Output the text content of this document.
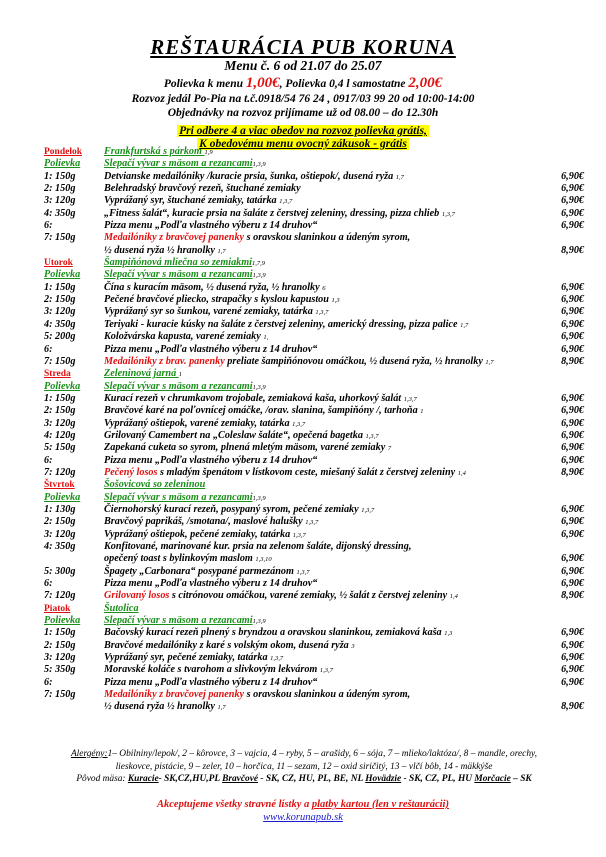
REŠTAURÁCIA PUB KORUNA
Menu č. 6 od 21.07 do 25.07
Polievka k menu 1,00€, Polievka 0,4 l samostatne 2,00€
Rozvoz jedál Po-Pia na t.č.0918/54 76 24 , 0917/03 99 20 od 10:00-14:00
Objednávky na rozvoz prijímame už od 08.00 – do 12.30h
Pri odbere 4 a viac obedov na rozvoz polievka grátis,
K obedovému menu ovocný zákusok - grátis
Pondelok	Frankfurtská s párkom 1,9
Polievka	Slepačí vývar s mäsom a rezancami1,3,9
1: 150g	Detvianske medailóniky /kuracie prsia, šunka, oštiepok/, dusená ryža 1,7	6,90€
2: 150g	Belehradský bravčový rezeň, štuchané zemiaky	6,90€
3: 120g	Vyprážaný syr, štuchané zemiaky, tatárka 1,3,7	6,90€
4: 350g	„Fitness šalát“, kuracie prsia na šaláte z čerstvej zeleniny, dressing, pizza chlieb 1,3,7	6,90€
6:	Pizza menu „Podľa vlastného výberu z 14 druhov“	6,90€
7: 150g	Medailóniky z bravčovej panenky s oravskou slaninkou a údeným syrom,
½ dusená ryža ½ hranolky 1,7	8,90€
Utorok	Šampiňónová mliečna so zemiakmi1,7,9
Polievka	Slepačí vývar s mäsom a rezancami1,3,9
1: 150g	Čína s kuracím mäsom, ½ dusená ryža, ½ hranolky 6	6,90€
2: 150g	Pečené bravčové pliecko, strapačky s kyslou kapustou 1,3	6,90€
3: 120g	Vyprážaný syr so šunkou, varené zemiaky, tatárka 1,3,7	6,90€
4: 350g	Teriyaki - kuracie kúsky na šaláte z čerstvej zeleniny, americký dressing, pizza palice 1,7	6,90€
5: 200g	Koložvárska kapusta, varené zemiaky 1,	6,90€
6:	Pizza menu „Podľa vlastného výberu z 14 druhov“	6,90€
7: 150g	Medailóniky z brav. panenky preliate šampiňónovou omáčkou, ½ dusená ryža, ½ hranolky 1,7	8,90€
Streda	Zeleninová jarná 1
Polievka	Slepačí vývar s mäsom a rezancami1,3,9
1: 150g	Kurací rezeň v chrumkavom trojobale, zemiaková kaša, uhorkový šalát 1,3,7	6,90€
2: 150g	Bravčové karé na poľovnícej omáčke, /orav. slanina, šampiňóny /, tarhoňa 1	6,90€
3: 120g	Vyprážaný oštiepok, varené zemiaky, tatárka 1,3,7	6,90€
4: 120g	Grilovaný Camembert na „Coleslaw šaláte“, opečená bagetka 1,3,7	6,90€
5: 150g	Zapekaná cuketa so syrom, plnená mletým mäsom, varené zemiaky 7	6,90€
6:	Pizza menu „Podľa vlastného výberu z 14 druhov“	6,90€
7: 120g	Pečený losos s mladým špenátom v lístkovom ceste, miešaný šalát z čerstvej zeleniny 1,4	8,90€
Štvrtok	Šošovicová so zeleninou
Polievka	Slepačí vývar s mäsom a rezancami1,3,9
1: 130g	Čiernohorský kurací rezeň, posypaný syrom, pečené zemiaky 1,3,7	6,90€
2: 150g	Bravčový paprikáš, /smotana/, maslové halušky 1,3,7	6,90€
3: 120g	Vyprážaný oštiepok, pečené zemiaky, tatárka 1,3,7	6,90€
4: 350g	Konfitované, marinované kur. prsia na zelenom šaláte, dijonský dressing,
opečený toast s bylinkovým maslom 1,3,10	6,90€
5: 300g	Špagety „Carbonara“ posypané parmezánom 1,3,7	6,90€
6:	Pizza menu „Podľa vlastného výberu z 14 druhov“	6,90€
7: 120g	Grilovaný losos s citrónovou omáčkou, varené zemiaky, ½ šalát z čerstvej zeleniny 1,4	8,90€
Piatok	Šutolica
Polievka	Slepačí vývar s mäsom a rezancami1,3,9
1: 150g	Bačovský kurací rezeň plnený s bryndzou a oravskou slaninkou, zemiaková kaša 1,3	6,90€
2: 150g	Bravčové medailóniky z karé s volským okom, dusená ryža 3	6,90€
3: 120g	Vyprážaný syr, pečené zemiaky, tatárka 1,3,7	6,90€
5: 350g	Moravské koláče s tvarohom a slivkovým lekvárom 1,3,7	6,90€
6:	Pizza menu „Podľa vlastného výberu z 14 druhov“	6,90€
7: 150g	Medailóniky z bravčovej panenky s oravskou slaninkou a údeným syrom,
½ dusená ryža ½ hranolky 1,7	8,90€
Alergény:1– Obilniny/lepok/, 2 – kôrovce, 3 – vajcia, 4 – ryby, 5 – arašidy, 6 – sója, 7 – mlieko/laktóza/, 8 – mandle, orechy,
lieskovce, pistácie, 9 – zeler, 10 – horčica, 11 – sezam, 12 – oxid siričitý, 13 – vlčí bôb, 14 - mäkkýše
Pôvod mäsa: Kuracie- SK,CZ,HU,PL Bravčové - SK, CZ, HU, PL, BE, NL Hovädzie - SK, CZ, PL, HU Morčacie – SK
Akceptujeme všetky stravné lístky a platby kartou (len v reštaurácii)
www.korunapub.sk
